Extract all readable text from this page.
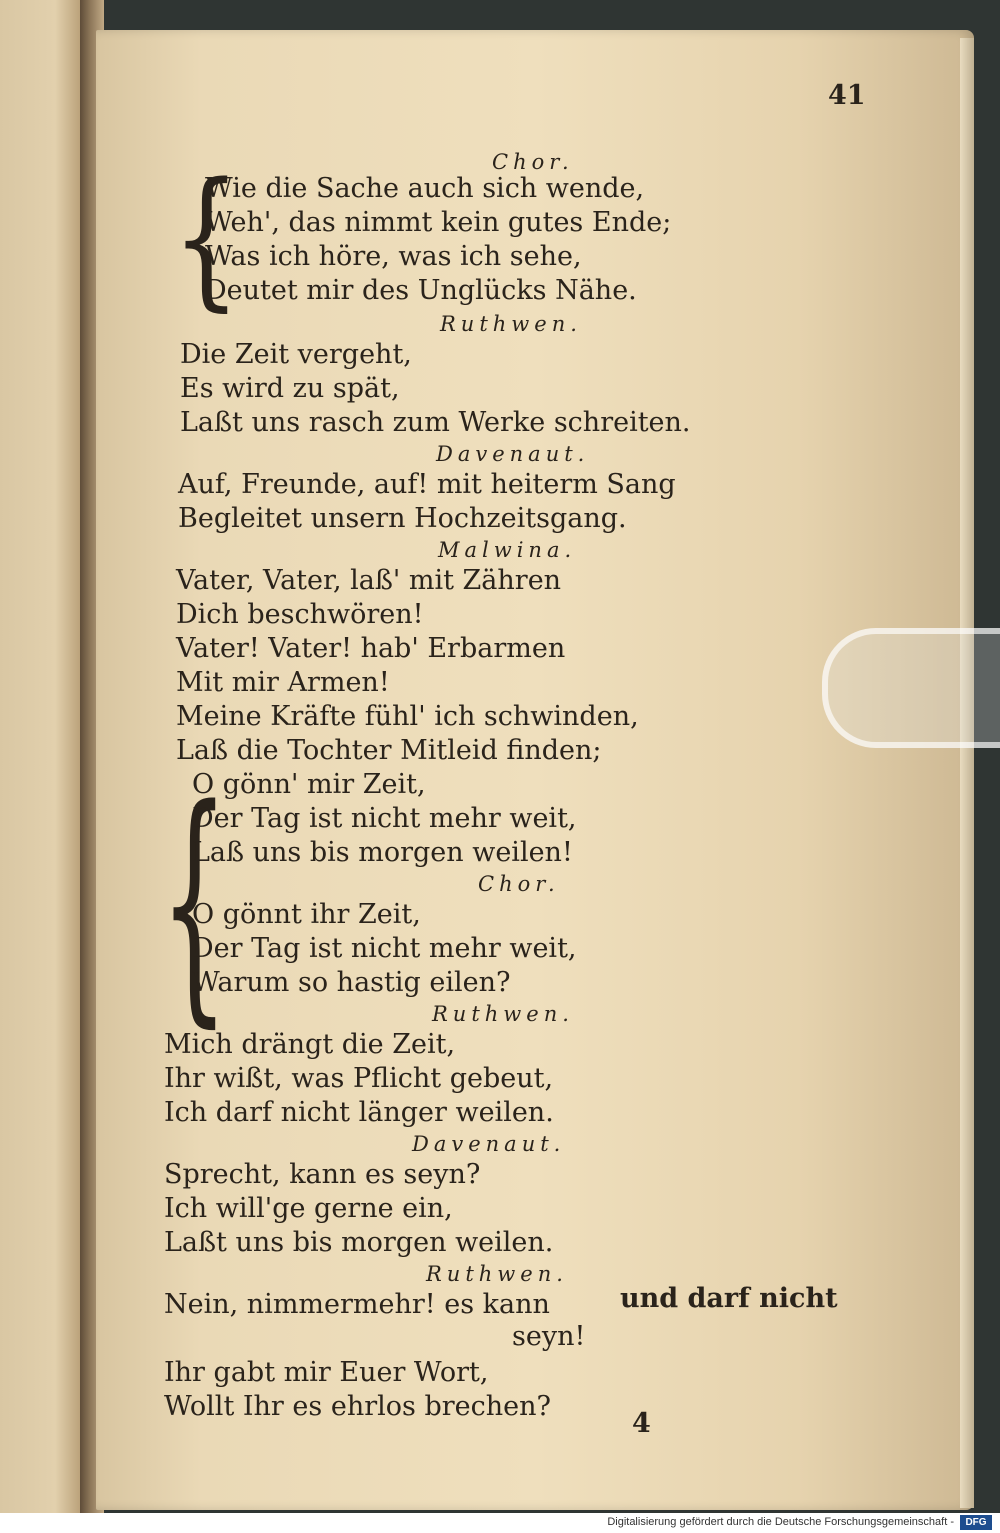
41
Chor.
{
Wie die Sache auch sich wende,
Weh', das nimmt kein gutes Ende;
Was ich höre, was ich sehe,
Deutet mir des Unglücks Nähe.
Ruthwen.
Die Zeit vergeht,
Es wird zu spät,
Laßt uns rasch zum Werke schreiten.
Davenaut.
Auf, Freunde, auf! mit heiterm Sang
Begleitet unsern Hochzeitsgang.
Malwina.
Vater, Vater, laß' mit Zähren
Dich beschwören!
Vater! Vater! hab' Erbarmen
Mit mir Armen!
Meine Kräfte fühl' ich schwinden,
Laß die Tochter Mitleid finden;
{
O gönn' mir Zeit,
Der Tag ist nicht mehr weit,
Laß uns bis morgen weilen!
Chor.
O gönnt ihr Zeit,
Der Tag ist nicht mehr weit,
Warum so hastig eilen?
Ruthwen.
Mich drängt die Zeit,
Ihr wißt, was Pflicht gebeut,
Ich darf nicht länger weilen.
Davenaut.
Sprecht, kann es seyn?
Ich will'ge gerne ein,
Laßt uns bis morgen weilen.
Ruthwen.
Nein, nimmermehr! es kann	und darf nicht
seyn!
Ihr gabt mir Euer Wort,
Wollt Ihr es ehrlos brechen?
4
Digitalisierung gefördert durch die Deutsche Forschungsgemeinschaft -	DFG
